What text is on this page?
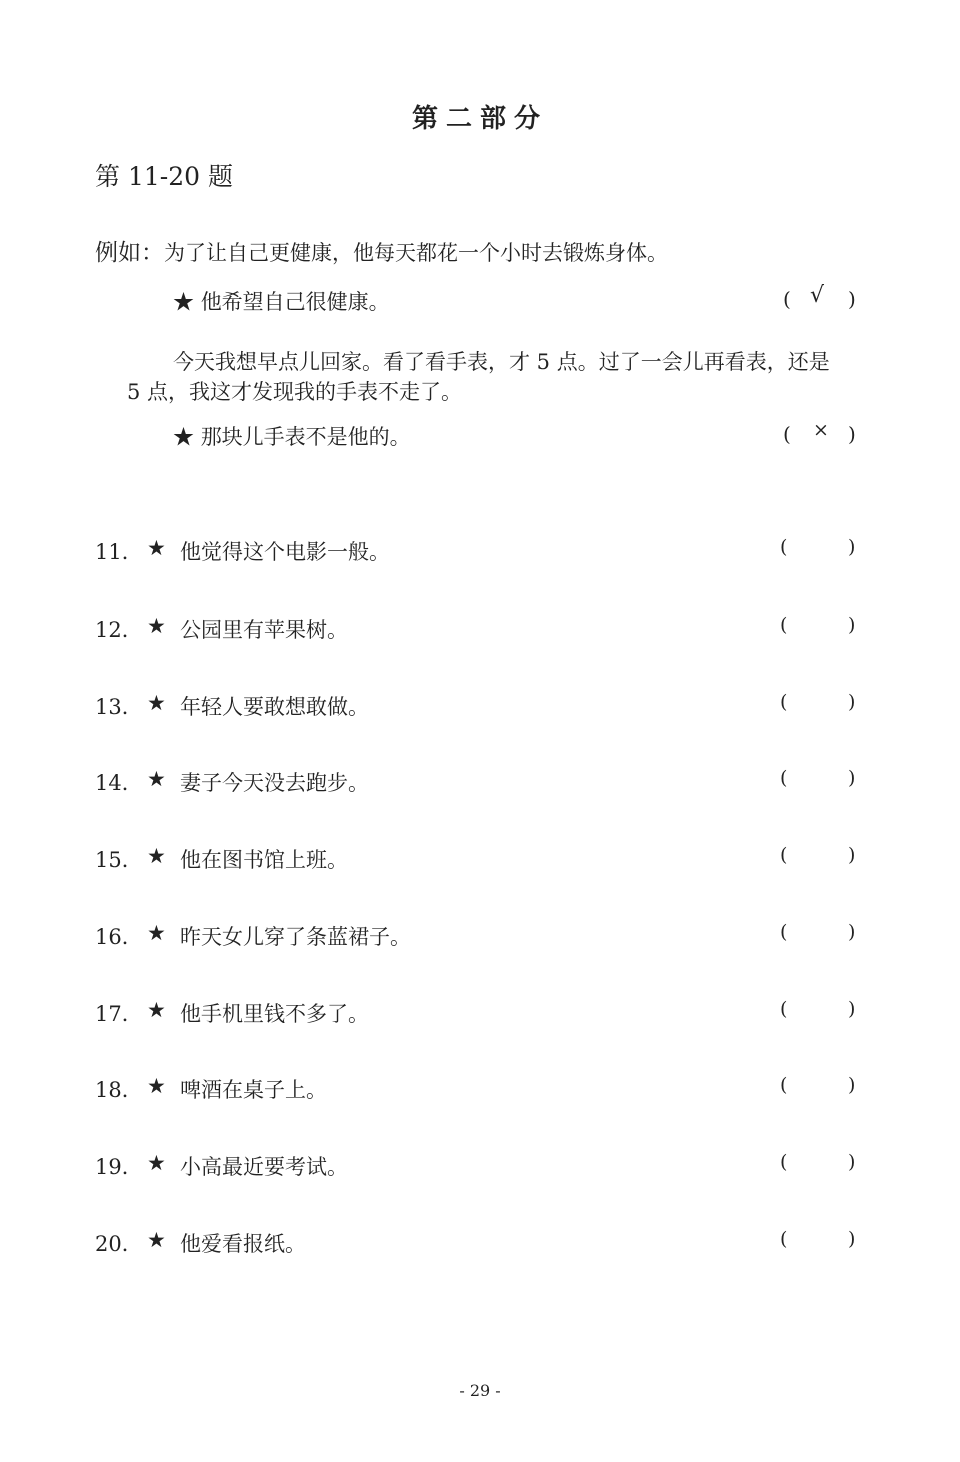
第二部分
第 11-20 题
例如：为了让自己更健康，他每天都花一个小时去锻炼身体。
★ 他希望自己很健康。	( √ )
今天我想早点儿回家。看了看手表，才 5 点。过了一会儿再看表，还是
5 点，我这才发现我的手表不走了。
★ 那块儿手表不是他的。	( × )
11． ★ 他觉得这个电影一般。	(	)
12． ★ 公园里有苹果树。	(	)
13． ★ 年轻人要敢想敢做。	(	)
14． ★ 妻子今天没去跑步。	(	)
15． ★ 他在图书馆上班。	(	)
16． ★ 昨天女儿穿了条蓝裙子。	(	)
17． ★ 他手机里钱不多了。	(	)
18． ★ 啤酒在桌子上。	(	)
19． ★ 小高最近要考试。	(	)
20． ★ 他爱看报纸。	(	)
- 29 -
